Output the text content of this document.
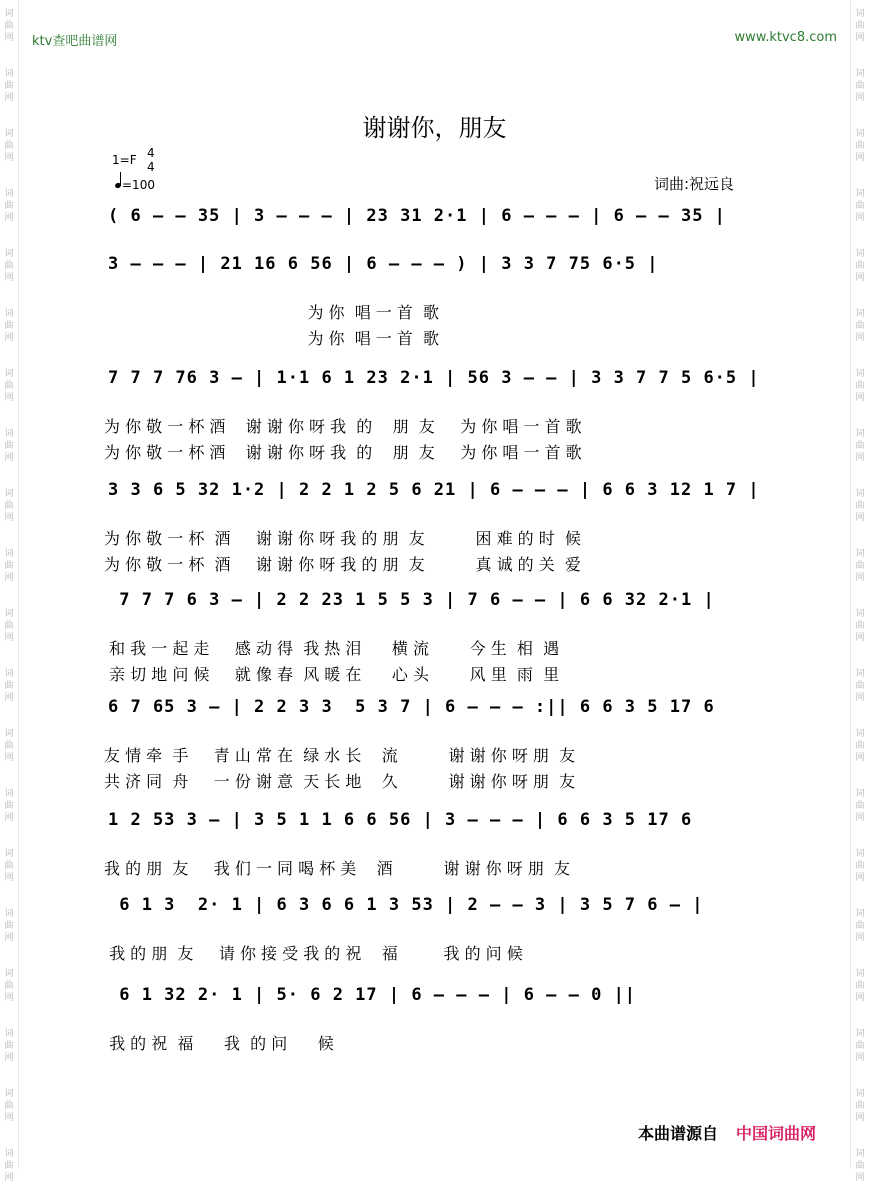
词曲网
词曲网
词曲网
词曲网
词曲网
词曲网
词曲网
词曲网
词曲网
词曲网
词曲网
词曲网
词曲网
词曲网
词曲网
词曲网
词曲网
词曲网
词曲网
词曲网
词曲网
词曲网
词曲网
词曲网
词曲网
词曲网
词曲网
词曲网
词曲网
词曲网
词曲网
词曲网
词曲网
词曲网
词曲网
词曲网
词曲网
词曲网
词曲网
词曲网
ktv查吧曲谱网	www.ktvc8.com
谢谢你，朋友
1=F 4
4
=100	词曲:祝远良
( 6 – – 35 | 3 – – – | 23 31 2·1 | 6 – – – | 6 – – 35 |
3 – – – | 21 16 6 56 | 6 – – – ) | 3 3 7 75 6·5 |
为 你  唱 一 首  歌
为 你  唱 一 首  歌
7 7 7 76 3 – | 1·1 6 1 23 2·1 | 56 3 – – | 3 3 7 7 5 6·5 |
为 你 敬 一 杯 酒    谢 谢 你 呀 我  的    朋  友     为 你 唱 一 首 歌
为 你 敬 一 杯 酒    谢 谢 你 呀 我  的    朋  友     为 你 唱 一 首 歌
3 3 6 5 32 1·2 | 2 2 1 2 5 6 21 | 6 – – – | 6 6 3 12 1 7 |
为 你 敬 一 杯  酒     谢 谢 你 呀 我 的 朋  友          困 难 的 时  候
为 你 敬 一 杯  酒     谢 谢 你 呀 我 的 朋  友          真 诚 的 关  爱
7 7 7 6 3 – | 2 2 23 1 5 5 3 | 7 6 – – | 6 6 32 2·1 |
和 我 一 起 走     感 动 得  我 热 泪      横 流        今 生  相  遇
亲 切 地 问 候     就 像 春  风 暖 在      心 头        风 里  雨  里
6 7 65 3 – | 2 2 3 3  5 3 7 | 6 – – – :|| 6 6 3 5 17 6
友 情 牵  手     青 山 常 在  绿 水 长    流          谢 谢 你 呀 朋  友
共 济 同  舟     一 份 谢 意  天 长 地    久          谢 谢 你 呀 朋  友
1 2 53 3 – | 3 5 1 1 6 6 56 | 3 – – – | 6 6 3 5 17 6
我 的 朋  友     我 们 一 同 喝 杯 美    酒          谢 谢 你 呀 朋  友
6 1 3  2· 1 | 6 3 6 6 1 3 53 | 2 – – 3 | 3 5 7 6 – |
我 的 朋  友     请 你 接 受 我 的 祝    福         我 的 问 候
6 1 32 2· 1 | 5· 6 2 17 | 6 – – – | 6 – – 0 ||
我 的 祝  福      我  的 问      候
本曲谱源自 中国词曲网
